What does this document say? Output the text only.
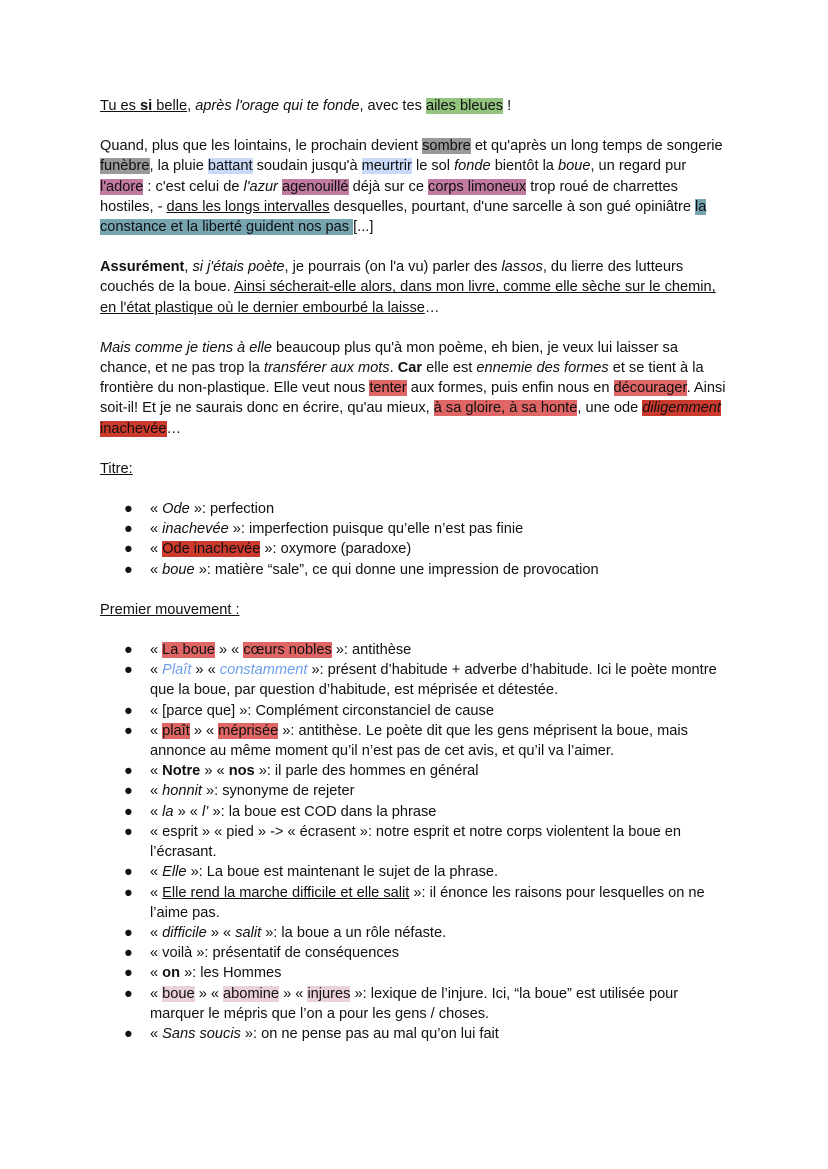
Tu es si belle, après l'orage qui te fonde, avec tes ailes bleues !

Quand, plus que les lointains, le prochain devient sombre et qu'après un long temps de songerie funèbre, la pluie battant soudain jusqu'à meurtrir le sol fonde bientôt la boue, un regard pur l'adore : c'est celui de l'azur agenouillé déjà sur ce corps limoneux trop roué de charrettes hostiles, - dans les longs intervalles desquelles, pourtant, d'une sarcelle à son gué opiniâtre la constance et la liberté guident nos pas [...]

Assurément, si j'étais poète, je pourrais (on l'a vu) parler des lassos, du lierre des lutteurs couchés de la boue. Ainsi sécherait-elle alors, dans mon livre, comme elle sèche sur le chemin, en l'état plastique où le dernier embourbé la laisse…

Mais comme je tiens à elle beaucoup plus qu'à mon poème, eh bien, je veux lui laisser sa chance, et ne pas trop la transférer aux mots. Car elle est ennemie des formes et se tient à la frontière du non-plastique. Elle veut nous tenter aux formes, puis enfin nous en décourager. Ainsi soit-il! Et je ne saurais donc en écrire, qu'au mieux, à sa gloire, à sa honte, une ode diligemment inachevée…

Titre:

● « Ode »: perfection
● « inachevée »: imperfection puisque qu’elle n’est pas finie
● « Ode inachevée »: oxymore (paradoxe)
● « boue »: matière “sale”, ce qui donne une impression de provocation

Premier mouvement :

● « La boue » « cœurs nobles »: antithèse
● « Plaît » « constamment »: présent d’habitude + adverbe d’habitude. Ici le poète montre que la boue, par question d’habitude, est méprisée et détestée.
● « [parce que] »: Complément circonstanciel de cause
● « plaît » « méprisée »: antithèse. Le poète dit que les gens méprisent la boue, mais annonce au même moment qu’il n’est pas de cet avis, et qu’il va l’aimer.
● « Notre » « nos »: il parle des hommes en général
● « honnit »: synonyme de rejeter
● « la » « l’ »: la boue est COD dans la phrase
● « esprit » « pied » -> « écrasent »: notre esprit et notre corps violentent la boue en l’écrasant.
● « Elle »: La boue est maintenant le sujet de la phrase.
● « Elle rend la marche difficile et elle salit »: il énonce les raisons pour lesquelles on ne l’aime pas.
● « difficile » « salit »: la boue a un rôle néfaste.
● « voilà »: présentatif de conséquences
● « on »: les Hommes
● « boue » « abomine » « injures »: lexique de l’injure. Ici, “la boue” est utilisée pour marquer le mépris que l’on a pour les gens / choses.
● « Sans soucis »: on ne pense pas au mal qu’on lui fait
